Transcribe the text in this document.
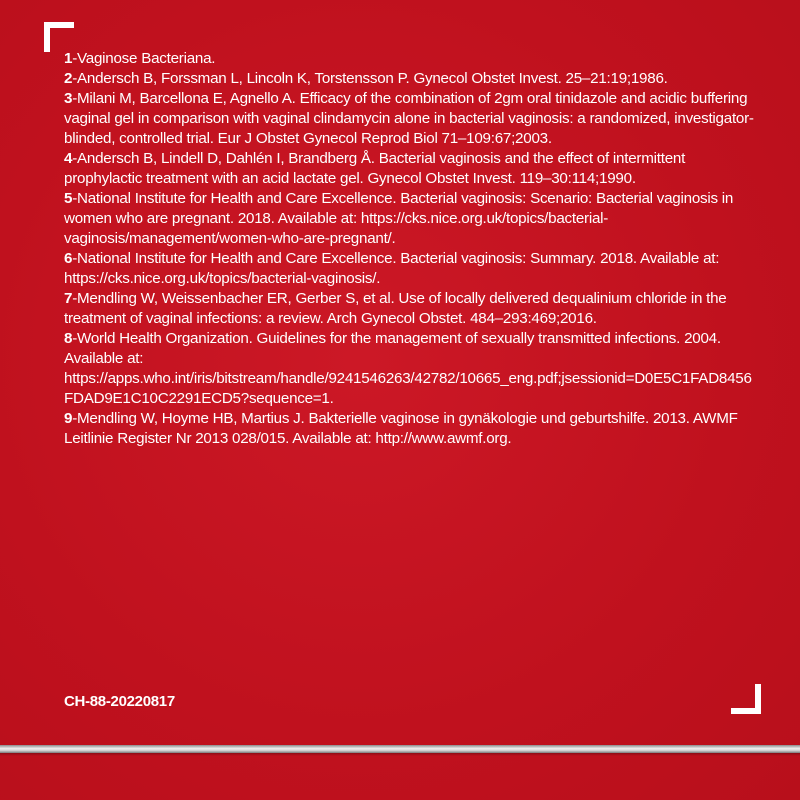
1-Vaginose Bacteriana.

2-Andersch B, Forssman L, Lincoln K, Torstensson P. Gynecol Obstet Invest. 25–21:19;1986.

3-Milani M, Barcellona E, Agnello A. Efficacy of the combination of 2gm oral tinidazole and acidic buffering vaginal gel in comparison with vaginal clindamycin alone in bacterial vaginosis: a randomized, investigator-blinded, controlled trial. Eur J Obstet Gynecol Reprod Biol 71–109:67;2003.

4-Andersch B, Lindell D, Dahlén I, Brandberg Å. Bacterial vaginosis and the effect of intermittent prophylactic treatment with an acid lactate gel. Gynecol Obstet Invest. 119–30:114;1990.

5-National Institute for Health and Care Excellence. Bacterial vaginosis: Scenario: Bacterial vaginosis in women who are pregnant. 2018. Available at: https://cks.nice.org.uk/topics/bacterial-vaginosis/management/women-who-are-pregnant/.

6-National Institute for Health and Care Excellence. Bacterial vaginosis: Summary. 2018. Available at: https://cks.nice.org.uk/topics/bacterial-vaginosis/.

7-Mendling W, Weissenbacher ER, Gerber S, et al. Use of locally delivered dequalinium chloride in the treatment of vaginal infections: a review. Arch Gynecol Obstet. 484–293:469;2016.

8-World Health Organization. Guidelines for the management of sexually transmitted infections. 2004. Available at: https://apps.who.int/iris/bitstream/handle/9241546263/42782/10665_eng.pdf;jsessionid=D0E5C1FAD8456FDAD9E1C10C2291ECD5?sequence=1.

9-Mendling W, Hoyme HB, Martius J. Bakterielle vaginose in gynäkologie und geburtshilfe. 2013. AWMF Leitlinie Register Nr 2013 028/015. Available at: http://www.awmf.org.

CH-88-20220817
